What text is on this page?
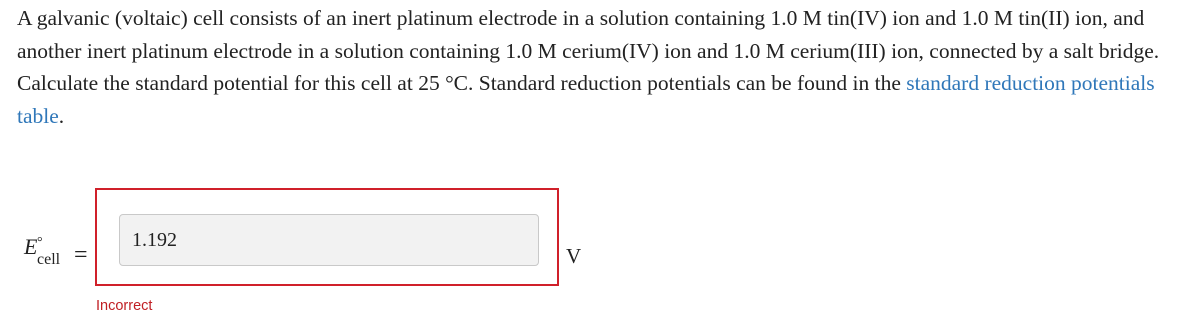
A galvanic (voltaic) cell consists of an inert platinum electrode in a solution containing 1.0 M tin(IV) ion and 1.0 M tin(II) ion, and another inert platinum electrode in a solution containing 1.0 M cerium(IV) ion and 1.0 M cerium(III) ion, connected by a salt bridge. Calculate the standard potential for this cell at 25 °C. Standard reduction potentials can be found in the standard reduction potentials table.

E °
cell =
1.192	V
Incorrect
